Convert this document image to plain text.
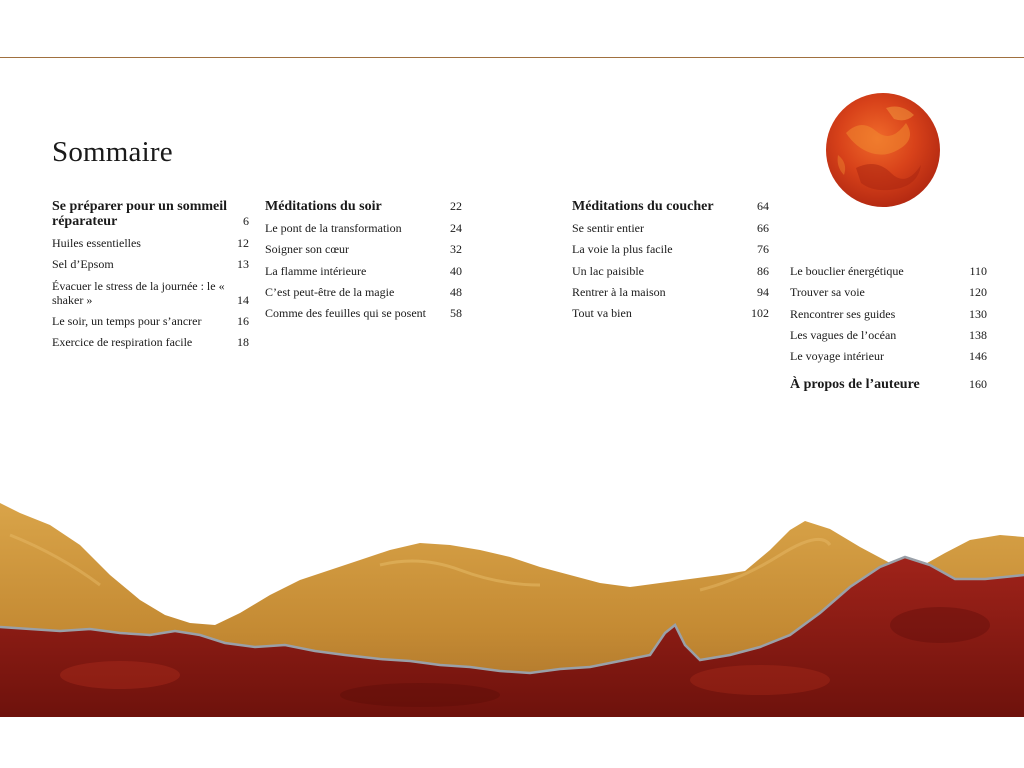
Sommaire
Se préparer pour un sommeil réparateur	6
Huiles essentielles	12
Sel d’Epsom	13
Évacuer le stress de la journée : le « shaker »	14
Le soir, un temps pour s’ancrer	16
Exercice de respiration facile	18
Méditations du soir	22
Le pont de la transformation	24
Soigner son cœur	32
La flamme intérieure	40
C’est peut-être de la magie	48
Comme des feuilles qui se posent	58
Méditations du coucher	64
Se sentir entier	66
La voie la plus facile	76
Un lac paisible	86
Rentrer à la maison	94
Tout va bien	102
Le bouclier énergétique	110
Trouver sa voie	120
Rencontrer ses guides	130
Les vagues de l’océan	138
Le voyage intérieur	146
À propos de l’auteure	160
